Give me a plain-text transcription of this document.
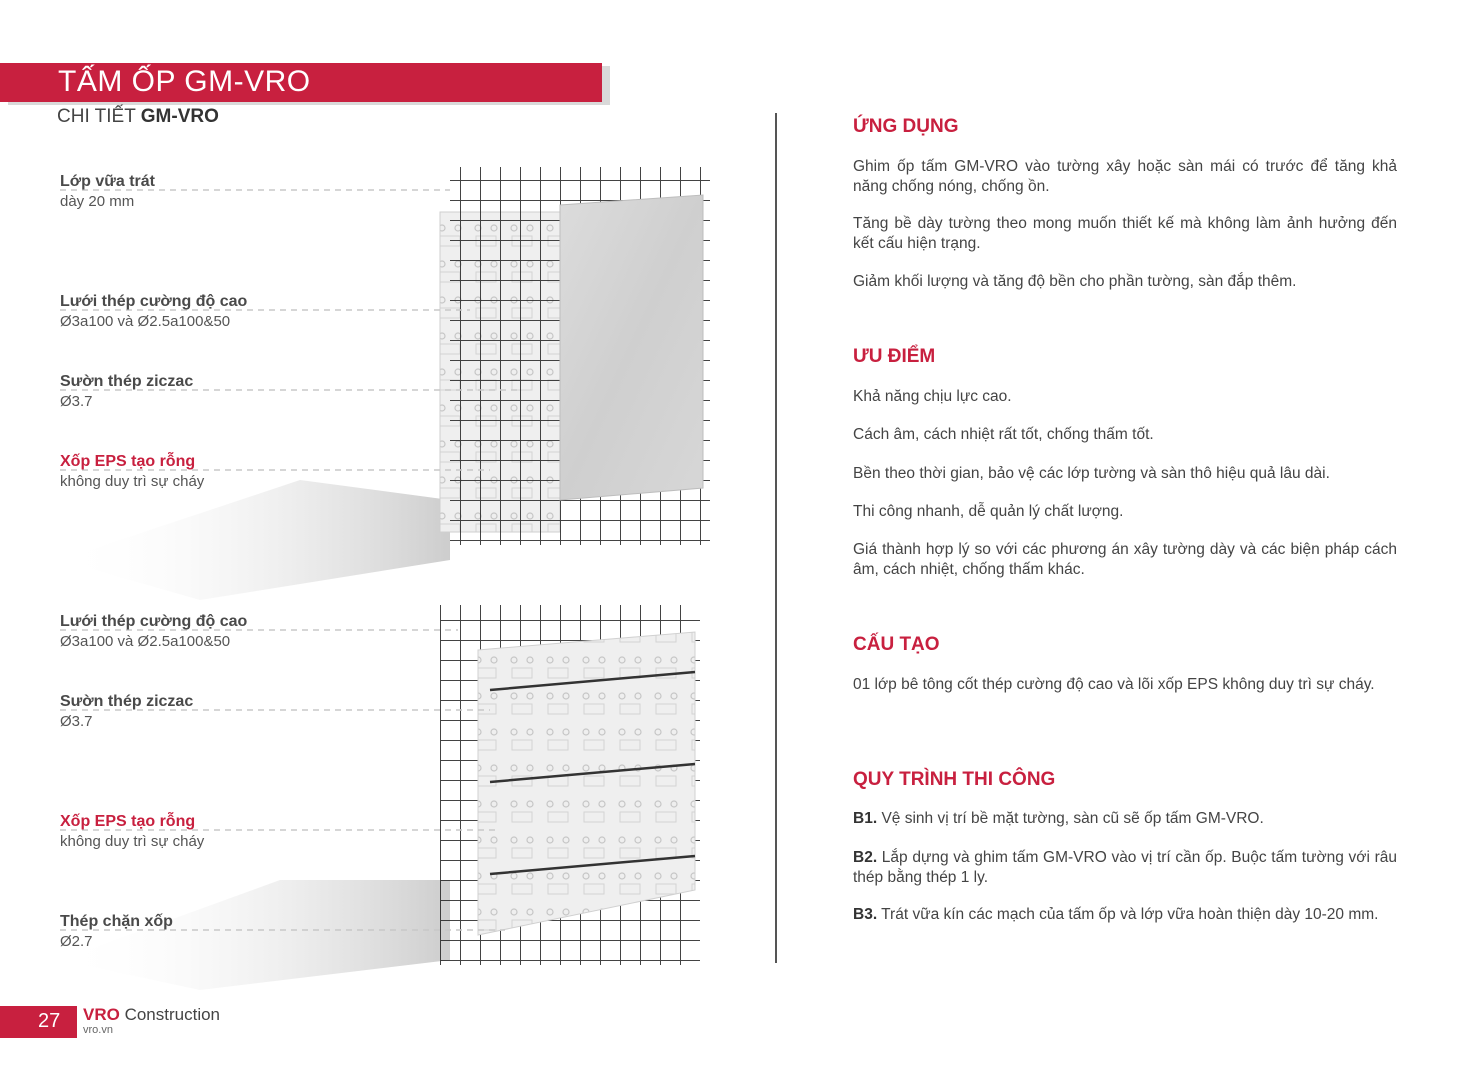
TẤM ỐP GM-VRO
CHI TIẾT GM-VRO
Lớp vữa trát
dày 20 mm
Lưới thép cường độ cao
Ø3a100 và Ø2.5a100&50
Sườn thép ziczac
Ø3.7
Xốp EPS tạo rỗng
không duy trì sự cháy
Lưới thép cường độ cao
Ø3a100 và Ø2.5a100&50
Sườn thép ziczac
Ø3.7
Xốp EPS tạo rỗng
không duy trì sự cháy
Thép chặn xốp
Ø2.7
ỨNG DỤNG
Ghim ốp tấm GM-VRO vào tường xây hoặc sàn mái có trước để tăng khả năng chống nóng, chống ồn.
Tăng bề dày tường theo mong muốn thiết kế mà không làm ảnh hưởng đến kết cấu hiện trạng.
Giảm khối lượng và tăng độ bền cho phần tường, sàn đắp thêm.
ƯU ĐIỂM
Khả năng chịu lực cao.
Cách âm, cách nhiệt rất tốt, chống thấm tốt.
Bền theo thời gian, bảo vệ các lớp tường và sàn thô hiệu quả lâu dài.
Thi công nhanh, dễ quản lý chất lượng.
Giá thành hợp lý so với các phương án xây tường dày và các biện pháp cách âm, cách nhiệt, chống thấm khác.
CẤU TẠO
01 lớp bê tông cốt thép cường độ cao và lõi xốp EPS không duy trì sự cháy.
QUY TRÌNH THI CÔNG
B1. Vệ sinh vị trí bề mặt tường, sàn cũ sẽ ốp tấm GM-VRO.
B2. Lắp dựng và ghim tấm GM-VRO vào vị trí cần ốp. Buộc tấm tường với râu thép bằng thép 1 ly.
B3. Trát vữa kín các mạch của tấm ốp và lớp vữa hoàn thiện dày 10-20 mm.
27 VRO Construction
vro.vn
